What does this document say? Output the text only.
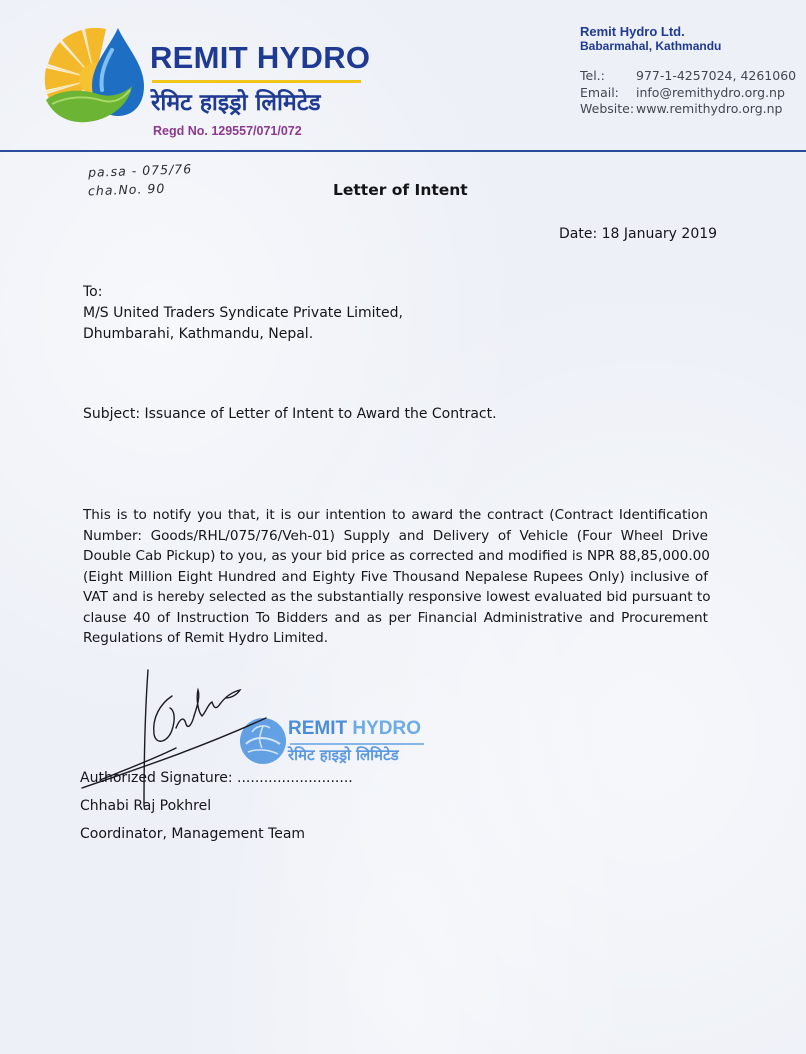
REMIT HYDRO
रेमिट हाइड्रो लिमिटेड
Regd No. 129557/071/072
Remit Hydro Ltd.
Babarmahal, Kathmandu
Tel.: 977-1-4257024, 4261060
Email: info@remithydro.org.np
Website: www.remithydro.org.np
pa.sa - 075/76
cha.No. 90	Letter of Intent
Date: 18 January 2019
To:
M/S United Traders Syndicate Private Limited,
Dhumbarahi, Kathmandu, Nepal.
Subject: Issuance of Letter of Intent to Award the Contract.
This is to notify you that, it is our intention to award the contract (Contract Identification
Number: Goods/RHL/075/76/Veh-01) Supply and Delivery of Vehicle (Four Wheel Drive
Double Cab Pickup) to you, as your bid price as corrected and modified is NPR 88,85,000.00
(Eight Million Eight Hundred and Eighty Five Thousand Nepalese Rupees Only) inclusive of
VAT and is hereby selected as the substantially responsive lowest evaluated bid pursuant to
clause 40 of Instruction To Bidders and as per Financial Administrative and Procurement
Regulations of Remit Hydro Limited.
REMIT HYDRO
रेमिट हाइड्रो लिमिटेड
Authorized Signature: ..........................
Chhabi Raj Pokhrel
Coordinator, Management Team
